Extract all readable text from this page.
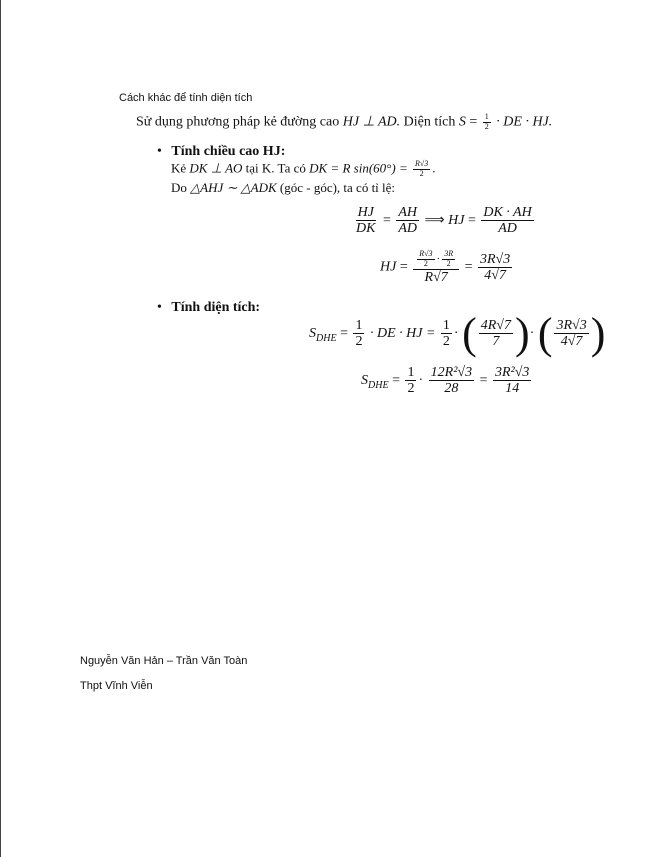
Cách khác để tính diện tích
Sử dụng phương pháp kẻ đường cao HJ ⊥ AD. Diện tích $S = \frac{1}{2}$ · DE · HJ.
• Tính chiều cao HJ:
Kẻ DK ⊥ AO tại K. Ta có DK = R $\sin(60^\circ) = \frac{R√3}{2}$ .
Do △AHJ ∼ △ADK (góc - góc), ta có tỉ lệ:
$\frac{HJ}{DK} = \frac{AH}{AD}$ ⟹ HJ = $\frac{DK \cdot AH}{AD}$
HJ = $\frac{\frac{R√3}{2} \cdot \frac{3R}{2}}{R√7} = \frac{3R√3}{4√7}$
• Tính diện tích:
$S_{DHE} = \frac{1}{2}$ · DE · HJ = $\frac{1}{2}$ · ( $\frac{4R√7}{7}$ )· ( $\frac{3R√3}{4√7}$ )
$S_{DHE} = \frac{1}{2} \cdot \frac{\text{12R²√3}}{28} = \frac{\text{3R²√3}}{14}$
Nguyễn Văn Hản – Trần Văn Toàn
Thpt Vĩnh Viễn
